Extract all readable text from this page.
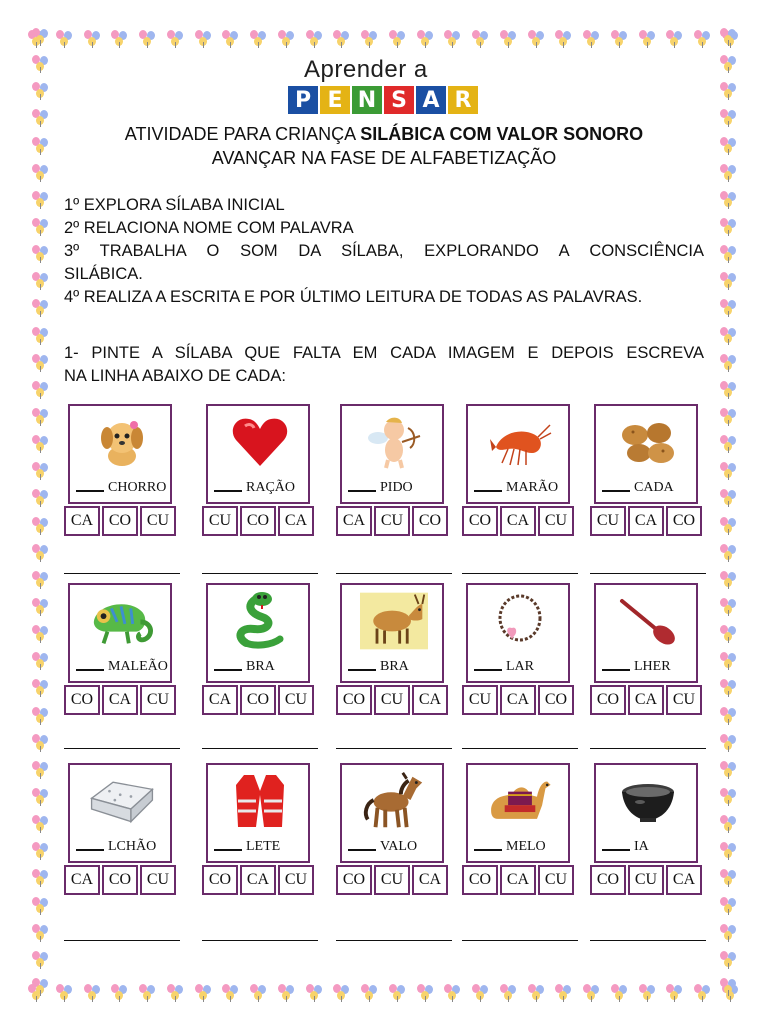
Aprender a
P E N S A R
ATIVIDADE PARA CRIANÇA SILÁBICA COM VALOR SONORO
AVANÇAR NA FASE DE ALFABETIZAÇÃO

1º EXPLORA SÍLABA INICIAL

2º RELACIONA NOME COM PALAVRA

3º TRABALHA O SOM DA SÍLABA, EXPLORANDO A CONSCIÊNCIA

SILÁBICA.

4º REALIZA A ESCRITA E POR ÚLTIMO LEITURA DE TODAS AS PALAVRAS.

1- PINTE A SÍLABA QUE FALTA EM CADA IMAGEM E DEPOIS ESCREVA

NA LINHA ABAIXO DE CADA:

CHORRO
CA CO CU
RAÇÃO
CU CO CA
PIDO
CA CU CO
MARÃO
CO CA CU
CADA
CU CA CO
MALEÃO
CO CA CU
BRA
CA CO CU
BRA
CO CU CA
LAR
CU CA CO
LHER
CO CA CU
LCHÃO
CA CO CU
LETE
CO CA CU
VALO
CO CU CA
MELO
CO CA CU
IA
CO CU CA
